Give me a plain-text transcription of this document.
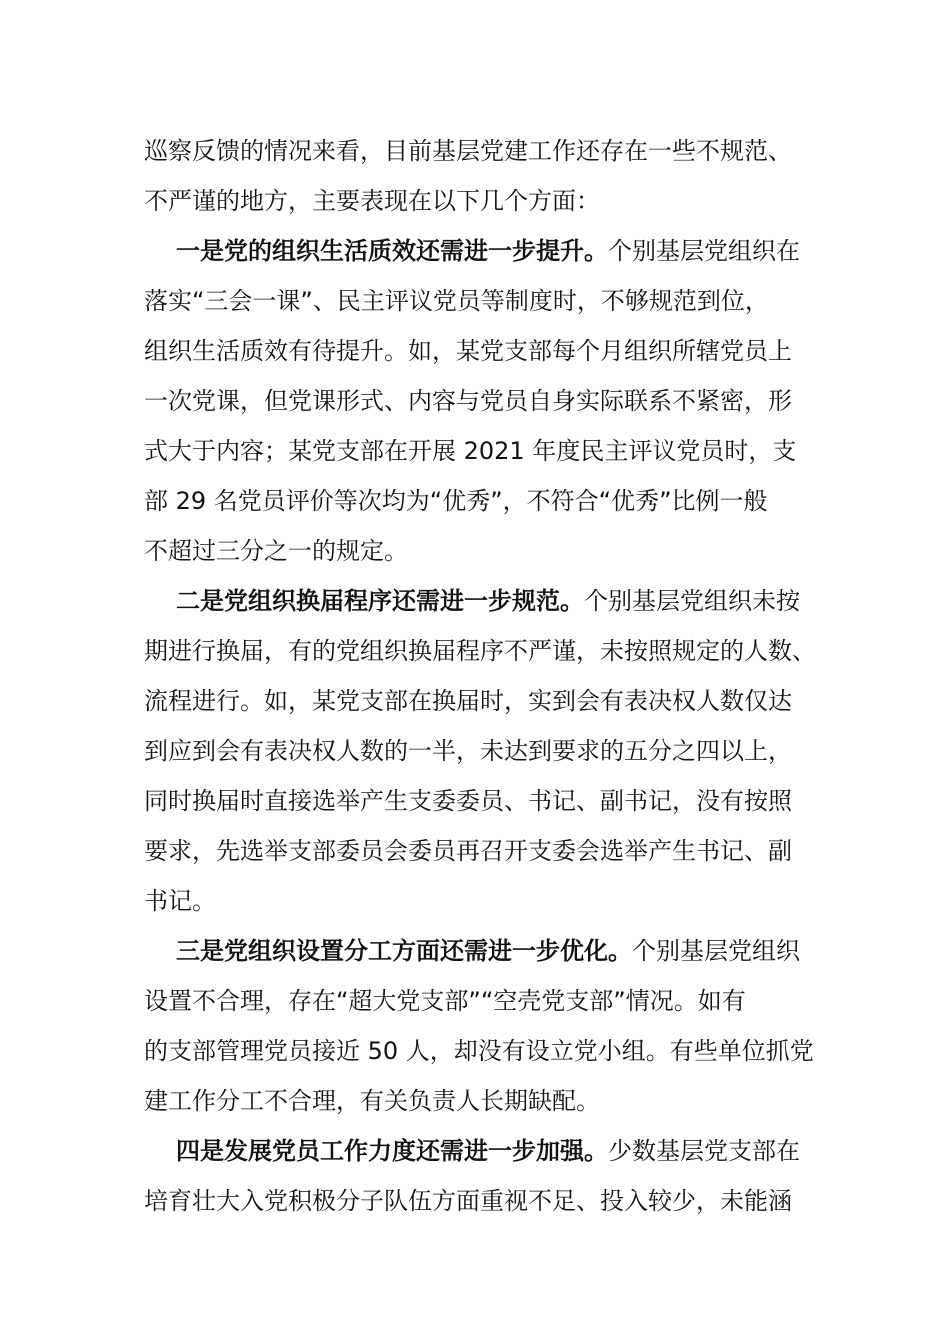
巡察反馈的情况来看，目前基层党建工作还存在一些不规范、
不严谨的地方，主要表现在以下几个方面：
一是党的组织生活质效还需进一步提升。个别基层党组织在
落实“三会一课”、民主评议党员等制度时，不够规范到位，
组织生活质效有待提升。如，某党支部每个月组织所辖党员上
一次党课，但党课形式、内容与党员自身实际联系不紧密，形
式大于内容；某党支部在开展 2021 年度民主评议党员时，支
部 29 名党员评价等次均为“优秀”，不符合“优秀”比例一般
不超过三分之一的规定。
二是党组织换届程序还需进一步规范。个别基层党组织未按
期进行换届，有的党组织换届程序不严谨，未按照规定的人数、
流程进行。如，某党支部在换届时，实到会有表决权人数仅达
到应到会有表决权人数的一半，未达到要求的五分之四以上，
同时换届时直接选举产生支委委员、书记、副书记，没有按照
要求，先选举支部委员会委员再召开支委会选举产生书记、副
书记。
三是党组织设置分工方面还需进一步优化。个别基层党组织
设置不合理，存在“超大党支部”“空壳党支部”情况。如有
的支部管理党员接近 50 人，却没有设立党小组。有些单位抓党
建工作分工不合理，有关负责人长期缺配。
四是发展党员工作力度还需进一步加强。少数基层党支部在
培育壮大入党积极分子队伍方面重视不足、投入较少，未能涵
